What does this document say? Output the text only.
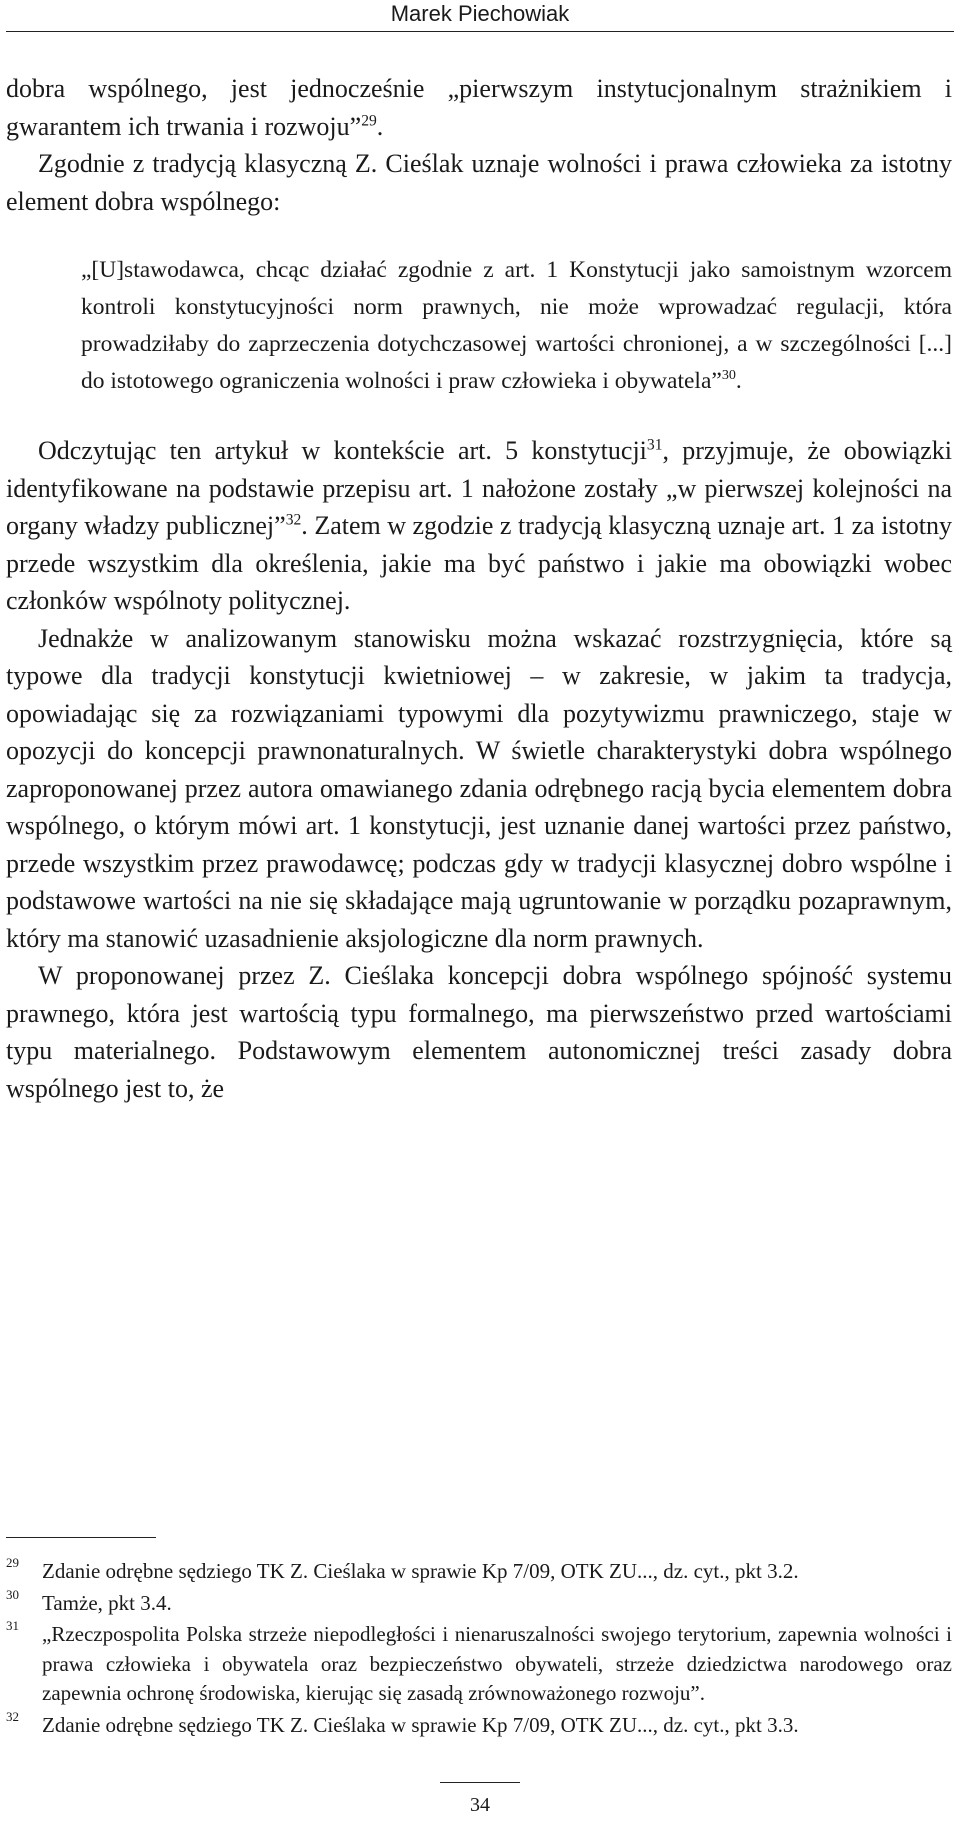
Marek Piechowiak

dobra wspólnego, jest jednocześnie „pierwszym instytucjonalnym strażnikiem i gwarantem ich trwania i rozwoju”$^{29}$.

Zgodnie z tradycją klasyczną Z. Cieślak uznaje wolności i prawa człowieka za istotny element dobra wspólnego:

„[U]stawodawca, chcąc działać zgodnie z art. 1 Konstytucji jako samoistnym wzorcem kontroli konstytucyjności norm prawnych, nie może wprowadzać regulacji, która prowadziłaby do zaprzeczenia dotychczasowej wartości chronionej, a w szczególności [...] do istotowego ograniczenia wolności i praw człowieka i obywatela”$^{30}$.

Odczytując ten artykuł w kontekście art. 5 konstytucji$^{31}$, przyjmuje, że obowiązki identyfikowane na podstawie przepisu art. 1 nałożone zostały „w pierwszej kolejności na organy władzy publicznej”$^{32}$. Zatem w zgodzie z tradycją klasyczną uznaje art. 1 za istotny przede wszystkim dla określenia, jakie ma być państwo i jakie ma obowiązki wobec członków wspólnoty politycznej.

Jednakże w analizowanym stanowisku można wskazać rozstrzygnięcia, które są typowe dla tradycji konstytucji kwietniowej – w zakresie, w jakim ta tradycja, opowiadając się za rozwiązaniami typowymi dla pozytywizmu prawniczego, staje w opozycji do koncepcji prawnonaturalnych. W świetle charakterystyki dobra wspólnego zaproponowanej przez autora omawianego zdania odrębnego racją bycia elementem dobra wspólnego, o którym mówi art. 1 konstytucji, jest uznanie danej wartości przez państwo, przede wszystkim przez prawodawcę; podczas gdy w tradycji klasycznej dobro wspólne i podstawowe wartości na nie się składające mają ugruntowanie w porządku pozaprawnym, który ma stanowić uzasadnienie aksjologiczne dla norm prawnych.

W proponowanej przez Z. Cieślaka koncepcji dobra wspólnego spójność systemu prawnego, która jest wartością typu formalnego, ma pierwszeństwo przed wartościami typu materialnego. Podstawowym elementem autonomicznej treści zasady dobra wspólnego jest to, że

29 Zdanie odrębne sędziego TK Z. Cieślaka w sprawie Kp 7/09, OTK ZU..., dz. cyt., pkt 3.2.
30 Tamże, pkt 3.4.
31 „Rzeczpospolita Polska strzeże niepodległości i nienaruszalności swojego terytorium, zapewnia wolności i prawa człowieka i obywatela oraz bezpieczeństwo obywateli, strzeże dziedzictwa narodowego oraz zapewnia ochronę środowiska, kierując się zasadą zrównoważonego rozwoju”.
32 Zdanie odrębne sędziego TK Z. Cieślaka w sprawie Kp 7/09, OTK ZU..., dz. cyt., pkt 3.3.
34
